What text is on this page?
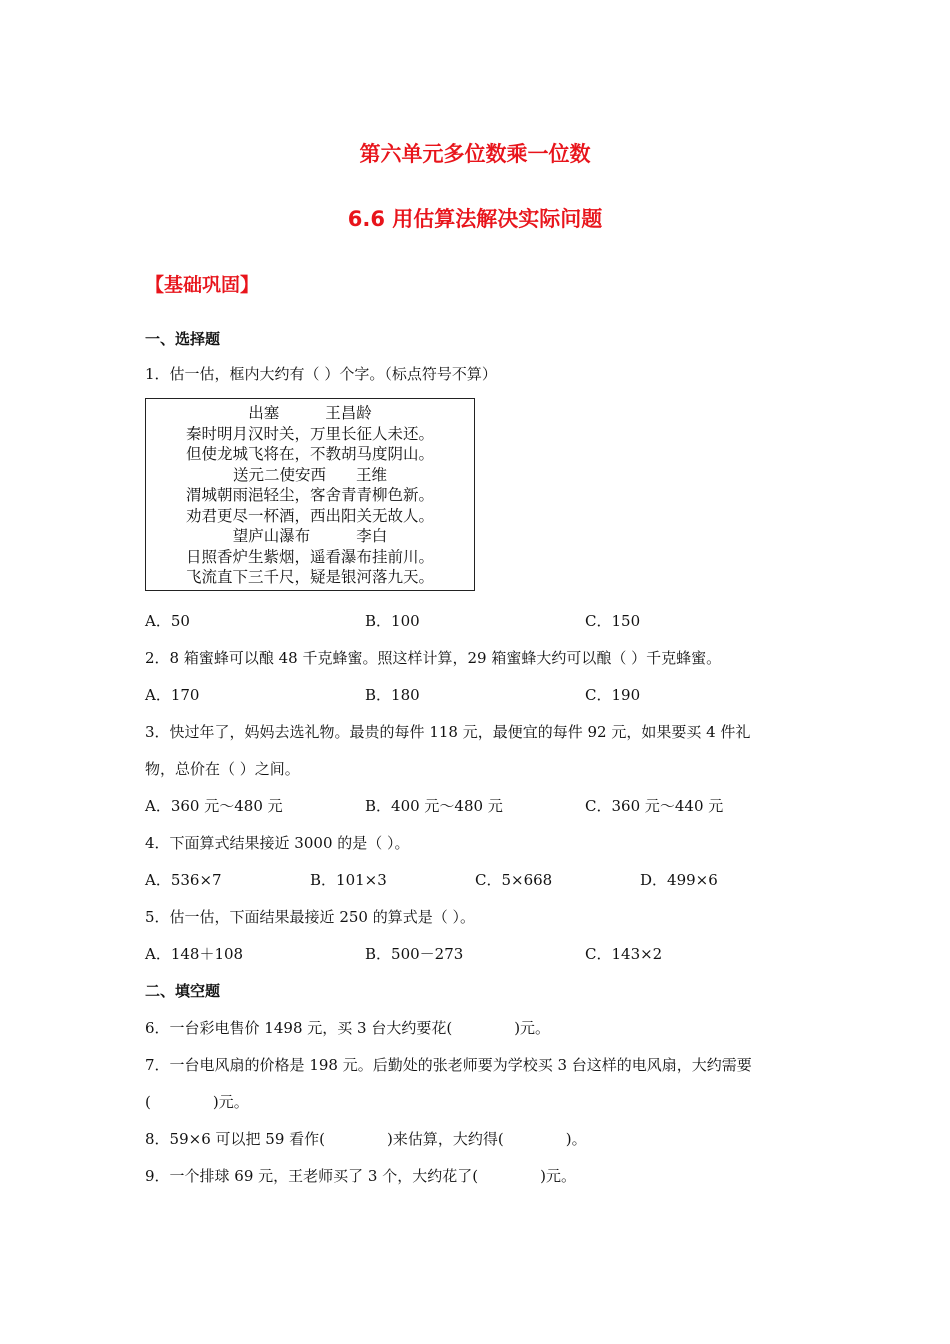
第六单元多位数乘一位数
6.6 用估算法解决实际问题
【基础巩固】
一、选择题
1．估一估，框内大约有（ ）个字。（标点符号不算）
出塞	王昌龄
秦时明月汉时关，万里长征人未还。
但使龙城飞将在，不教胡马度阴山。
送元二使安西 王维
渭城朝雨浥轻尘，客舍青青柳色新。
劝君更尽一杯酒，西出阳关无故人。
望庐山瀑布	李白
日照香炉生紫烟，遥看瀑布挂前川。
飞流直下三千尺，疑是银河落九天。
A．50	B．100	C．150
2．8 箱蜜蜂可以酿 48 千克蜂蜜。照这样计算，29 箱蜜蜂大约可以酿（ ）千克蜂蜜。
A．170	B．180	C．190
3．快过年了，妈妈去选礼物。最贵的每件 118 元，最便宜的每件 92 元，如果要买 4 件礼
物，总价在（ ）之间。
A．360 元～480 元	B．400 元～480 元	C．360 元～440 元
4．下面算式结果接近 3000 的是（ ）。
A．536×7	B．101×3	C．5×668	D．499×6
5．估一估，下面结果最接近 250 的算式是（ ）。
A．148＋108	B．500－273	C．143×2
二、填空题
6．一台彩电售价 1498 元，买 3 台大约要花(	)元。
7．一台电风扇的价格是 198 元。后勤处的张老师要为学校买 3 台这样的电风扇，大约需要
(	)元。
8．59×6 可以把 59 看作(	)来估算，大约得(	)。
9．一个排球 69 元，王老师买了 3 个，大约花了(	)元。
